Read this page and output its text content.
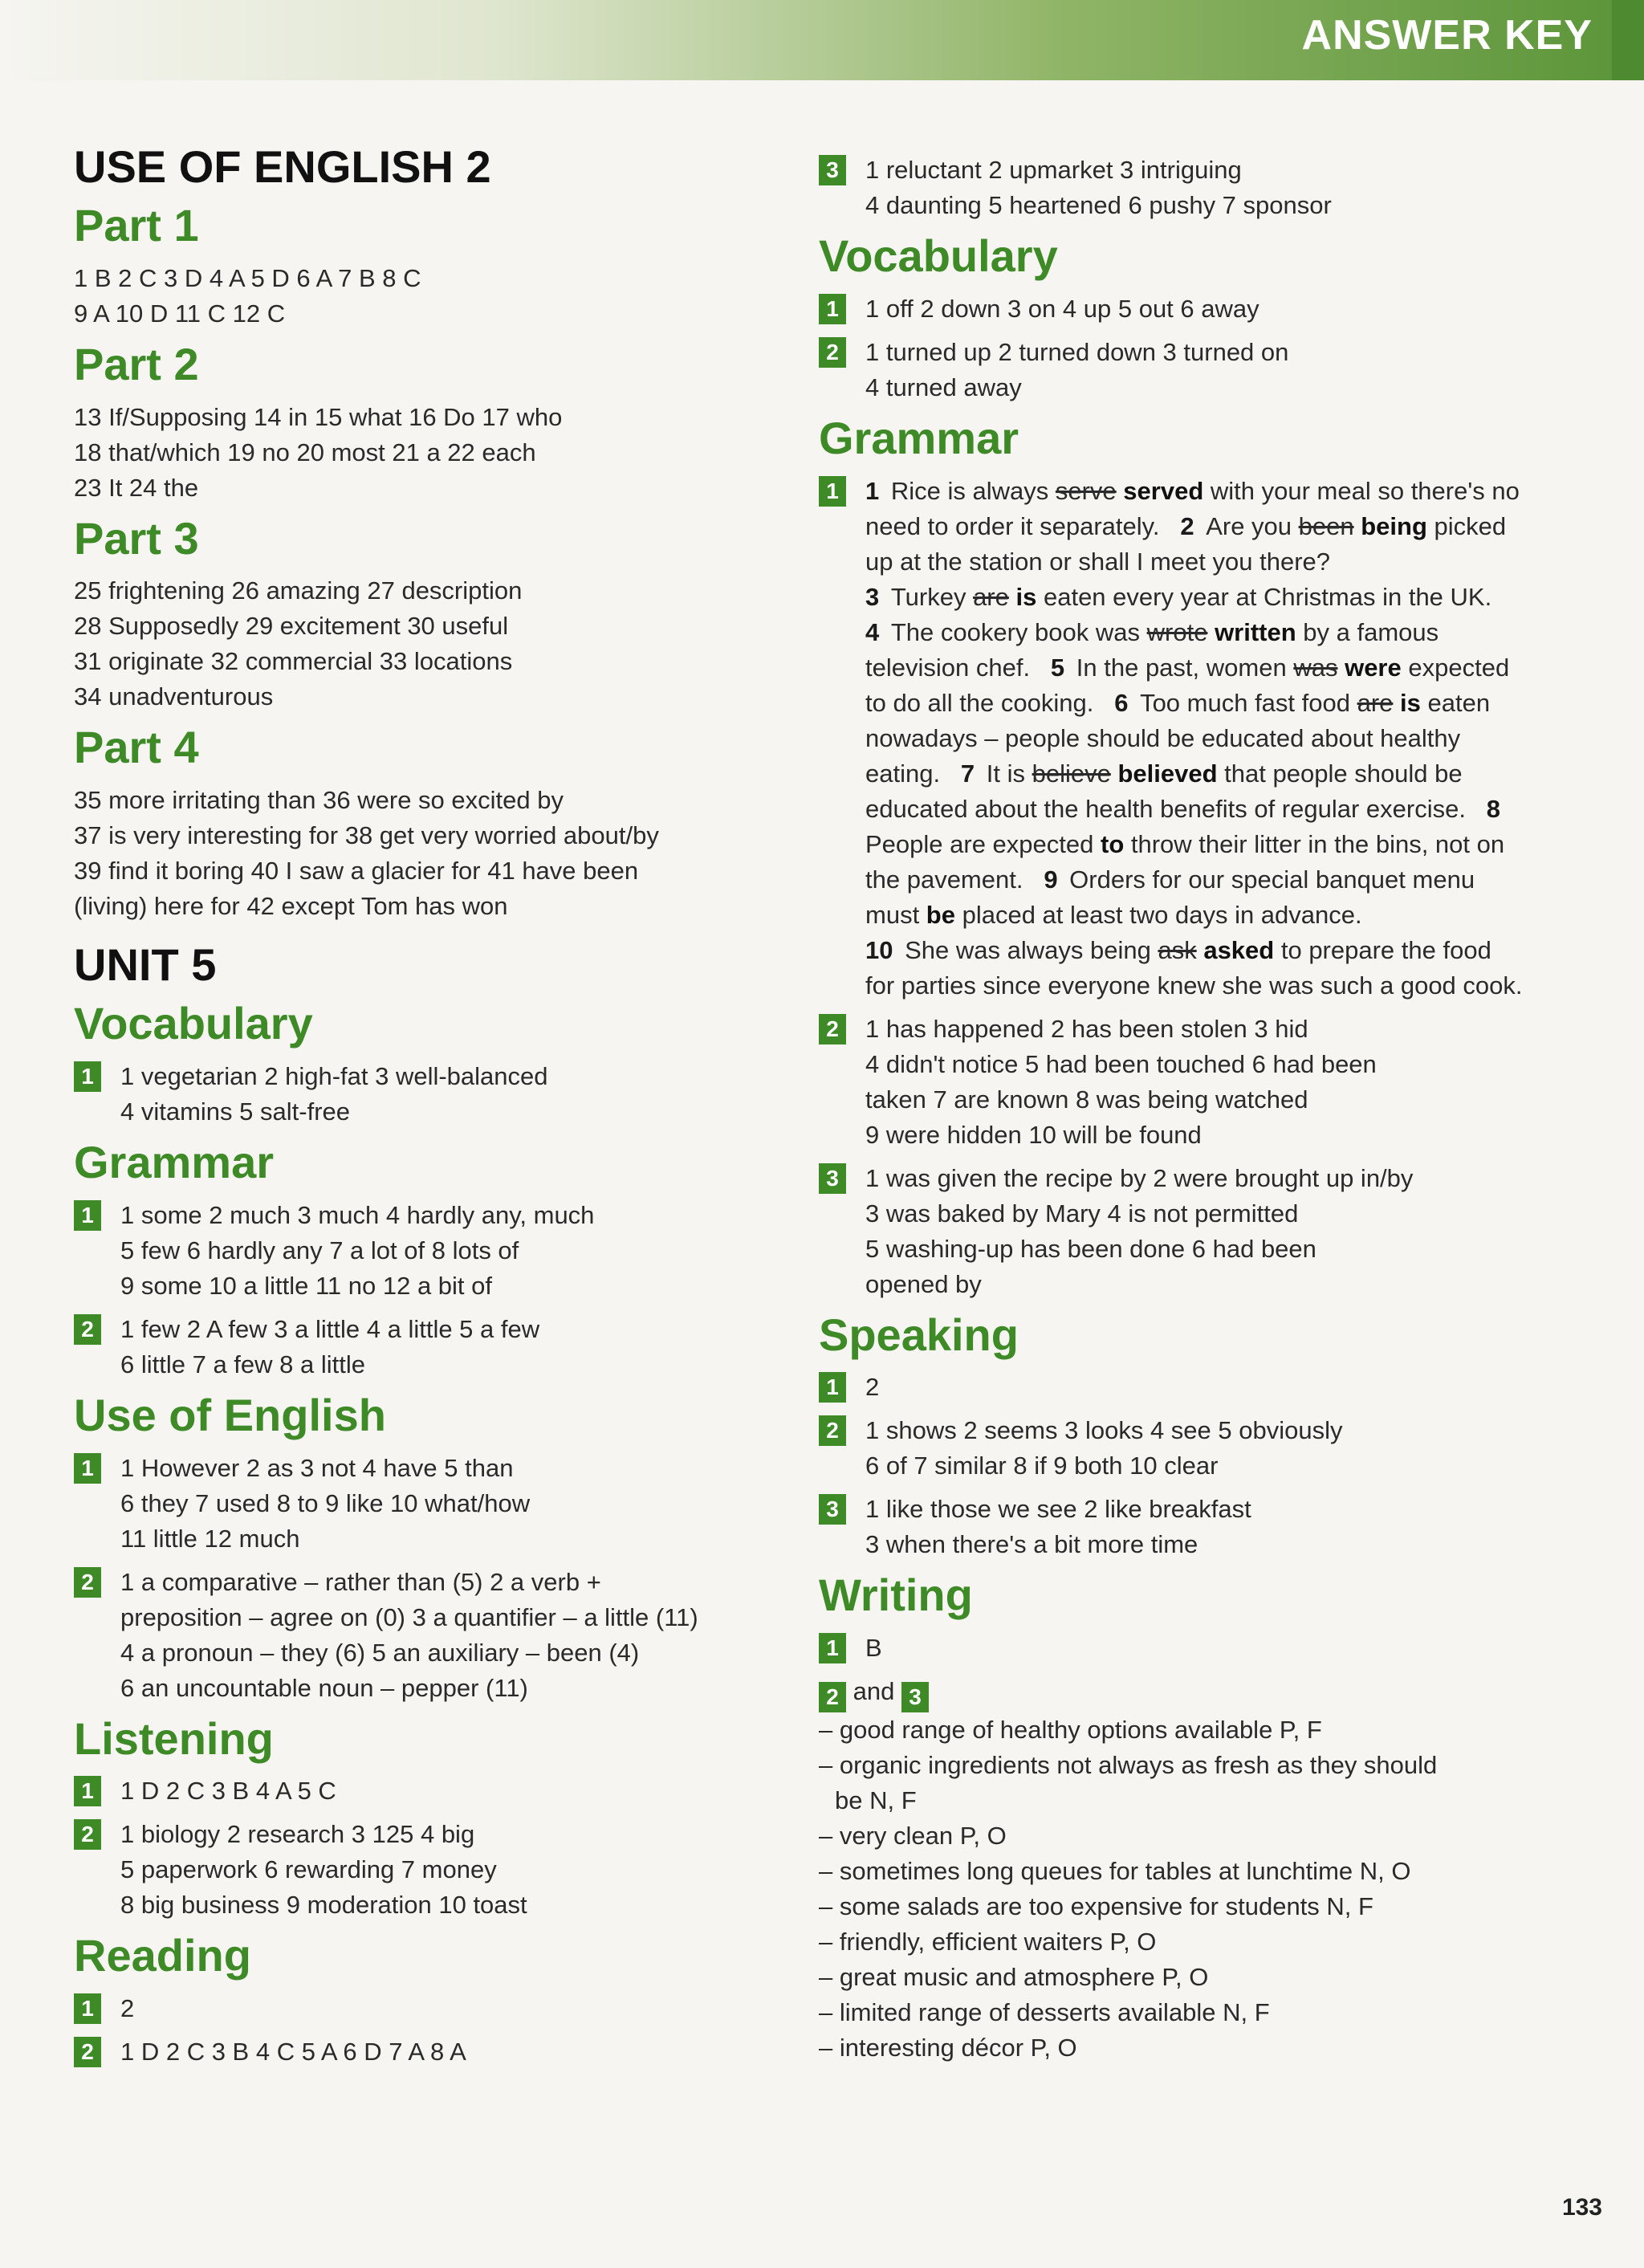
ANSWER KEY
USE OF ENGLISH 2
Part 1
1 B 2 C 3 D 4 A 5 D 6 A 7 B 8 C
9 A 10 D 11 C 12 C
Part 2
13 If/Supposing 14 in 15 what 16 Do 17 who
18 that/which 19 no 20 most 21 a 22 each
23 It 24 the
Part 3
25 frightening 26 amazing 27 description
28 Supposedly 29 excitement 30 useful
31 originate 32 commercial 33 locations
34 unadventurous
Part 4
35 more irritating than 36 were so excited by
37 is very interesting for 38 get very worried about/by
39 find it boring 40 I saw a glacier for 41 have been
(living) here for 42 except Tom has won
UNIT 5
Vocabulary
1 1 vegetarian 2 high-fat 3 well-balanced
4 vitamins 5 salt-free
Grammar
1 1 some 2 much 3 much 4 hardly any, much
5 few 6 hardly any 7 a lot of 8 lots of
9 some 10 a little 11 no 12 a bit of
2 1 few 2 A few 3 a little 4 a little 5 a few
6 little 7 a few 8 a little
Use of English
1 1 However 2 as 3 not 4 have 5 than
6 they 7 used 8 to 9 like 10 what/how
11 little 12 much
2 1 a comparative – rather than (5) 2 a verb +
preposition – agree on (0) 3 a quantifier – a little (11)
4 a pronoun – they (6) 5 an auxiliary – been (4)
6 an uncountable noun – pepper (11)
Listening
1 1 D 2 C 3 B 4 A 5 C
2 1 biology 2 research 3 125 4 big
5 paperwork 6 rewarding 7 money
8 big business 9 moderation 10 toast
Reading
1 2
2 1 D 2 C 3 B 4 C 5 A 6 D 7 A 8 A
3 1 reluctant 2 upmarket 3 intriguing
4 daunting 5 heartened 6 pushy 7 sponsor
Vocabulary
1 1 off 2 down 3 on 4 up 5 out 6 away
2 1 turned up 2 turned down 3 turned on
4 turned away
Grammar
1 1 Rice is always serve served with your meal so there's no need to order it separately. 2 Are you been being picked up at the station or shall I meet you there?
3 Turkey are is eaten every year at Christmas in the UK.
4 The cookery book was wrote written by a famous television chef. 5 In the past, women was were expected to do all the cooking. 6 Too much fast food are is eaten nowadays – people should be educated about healthy eating. 7 It is believe believed that people should be educated about the health benefits of regular exercise. 8 People are expected to throw their litter in the bins, not on the pavement. 9 Orders for our special banquet menu must be placed at least two days in advance.
10 She was always being ask asked to prepare the food for parties since everyone knew she was such a good cook.
2 1 has happened 2 has been stolen 3 hid
4 didn't notice 5 had been touched 6 had been
taken 7 are known 8 was being watched
9 were hidden 10 will be found
3 1 was given the recipe by 2 were brought up in/by
3 was baked by Mary 4 is not permitted
5 washing-up has been done 6 had been
opened by
Speaking
1 2
2 1 shows 2 seems 3 looks 4 see 5 obviously
6 of 7 similar 8 if 9 both 10 clear
3 1 like those we see 2 like breakfast
3 when there's a bit more time
Writing
1 B
2 and 3
– good range of healthy options available P, F
– organic ingredients not always as fresh as they should
be N, F
– very clean P, O
– sometimes long queues for tables at lunchtime N, O
– some salads are too expensive for students N, F
– friendly, efficient waiters P, O
– great music and atmosphere P, O
– limited range of desserts available N, F
– interesting décor P, O
133
